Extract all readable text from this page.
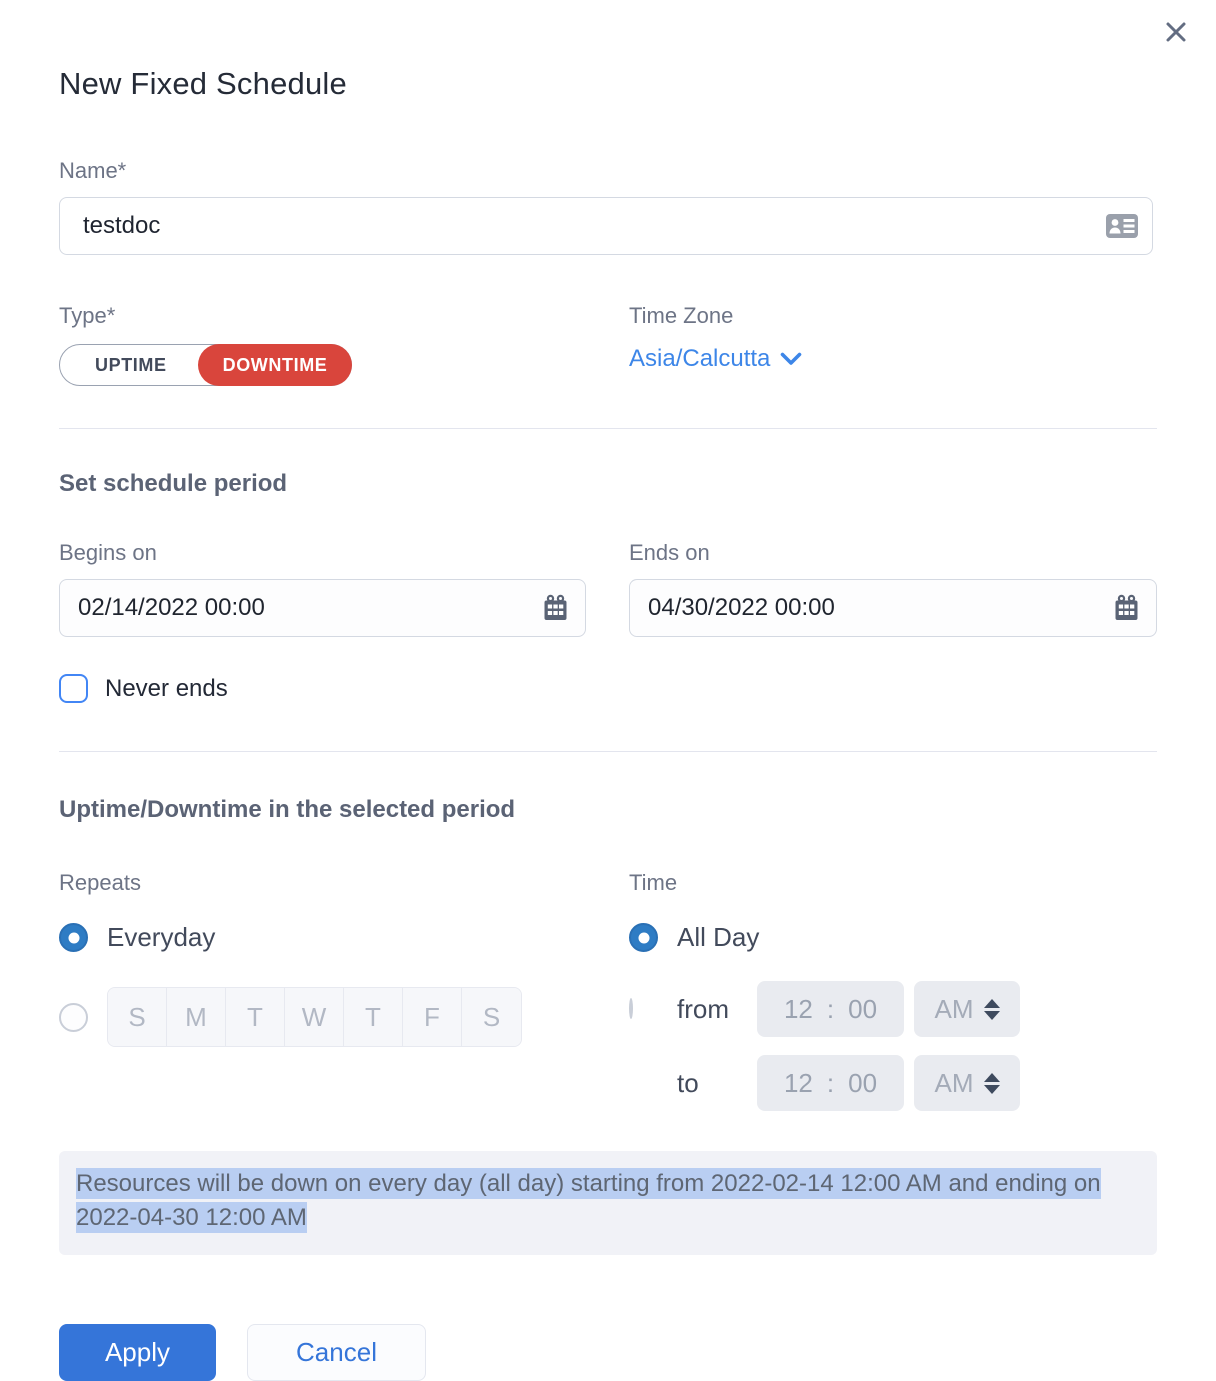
New Fixed Schedule
Name*
testdoc
Type*
UPTIME	DOWNTIME
Time Zone
Asia/Calcutta
Set schedule period
Begins on
02/14/2022 00:00	Ends on
04/30/2022 00:00
Never ends
Uptime/Downtime in the selected period
Repeats
Everyday
S	M	T	W	T	F	S
Time
All Day
from	12 : 00 AM
to	12 : 00 AM
Resources will be down on every day (all day) starting from 2022-02-14 12:00 AM and ending on 2022-04-30 12:00 AM
Apply	Cancel
